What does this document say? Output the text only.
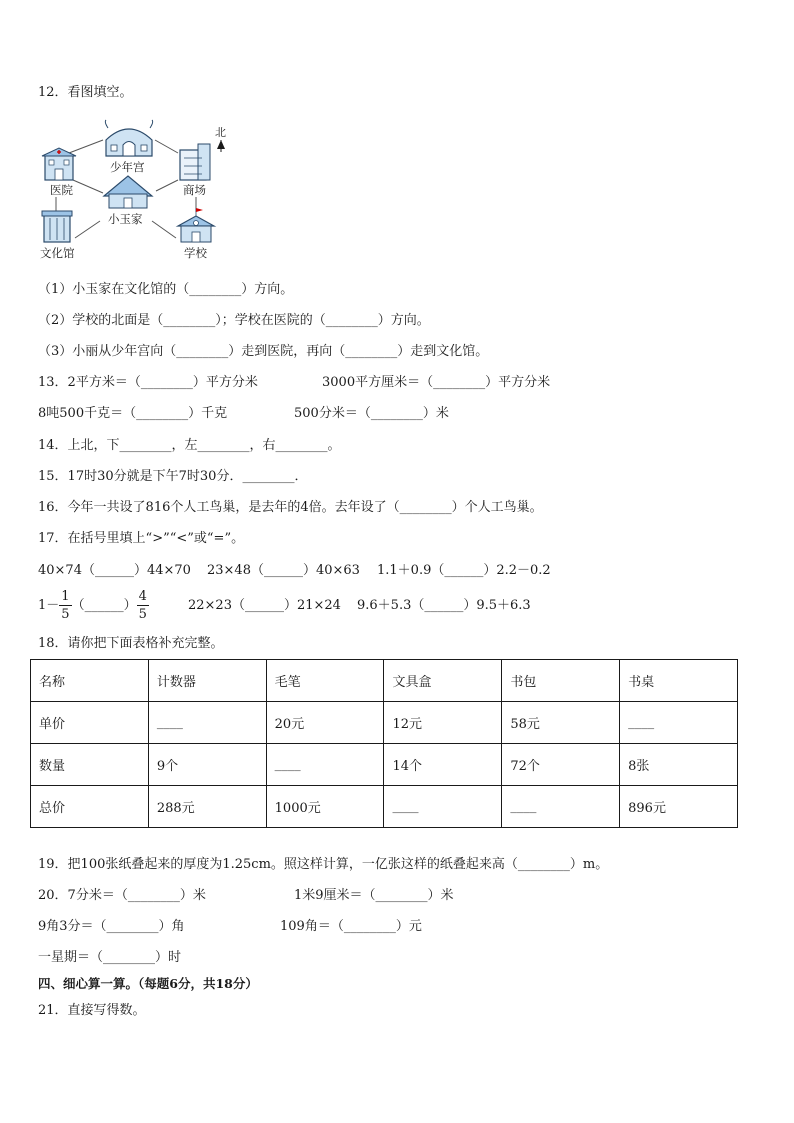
12．看图填空。
北
少年宫
医院	商场
小玉家
文化馆	学校
（1）小玉家在文化馆的（________）方向。
（2）学校的北面是（________）；学校在医院的（________）方向。
（3）小丽从少年宫向（________）走到医院，再向（________）走到文化馆。
13．2平方米＝（________）平方分米	3000平方厘米＝（________）平方分米
8吨500千克＝（________）千克	500分米＝（________）米
14．上北，下________，左________，右________。
15．17时30分就是下午7时30分．________．
16．今年一共设了816个人工鸟巢，是去年的4倍。去年设了（________）个人工鸟巢。
17．在括号里填上“>”“<”或“=”。
40×74（______）44×70 23×48（______）40×63 1.1＋0.9（______）2.2－0.2
$1- \frac{1}{5}$ （______） $\frac{4}{5}$	22×23（______）21×24 9.6＋5.3（______）9.5＋6.3
18．请你把下面表格补充完整。
名称	计数器	毛笔	文具盒	书包	书桌
单价	____	20元	12元	58元	____
数量	9个	____	14个	72个	8张
总价	288元	1000元	____	____	896元
19．把100张纸叠起来的厚度为1.25cm。照这样计算，一亿张这样的纸叠起来高（________）m。
20．7分米＝（________）米	1米9厘米＝（________）米
9角3分＝（________）角	109角＝（________）元
一星期＝（________）时
四、细心算一算。（每题6分，共18分）
21．直接写得数。
